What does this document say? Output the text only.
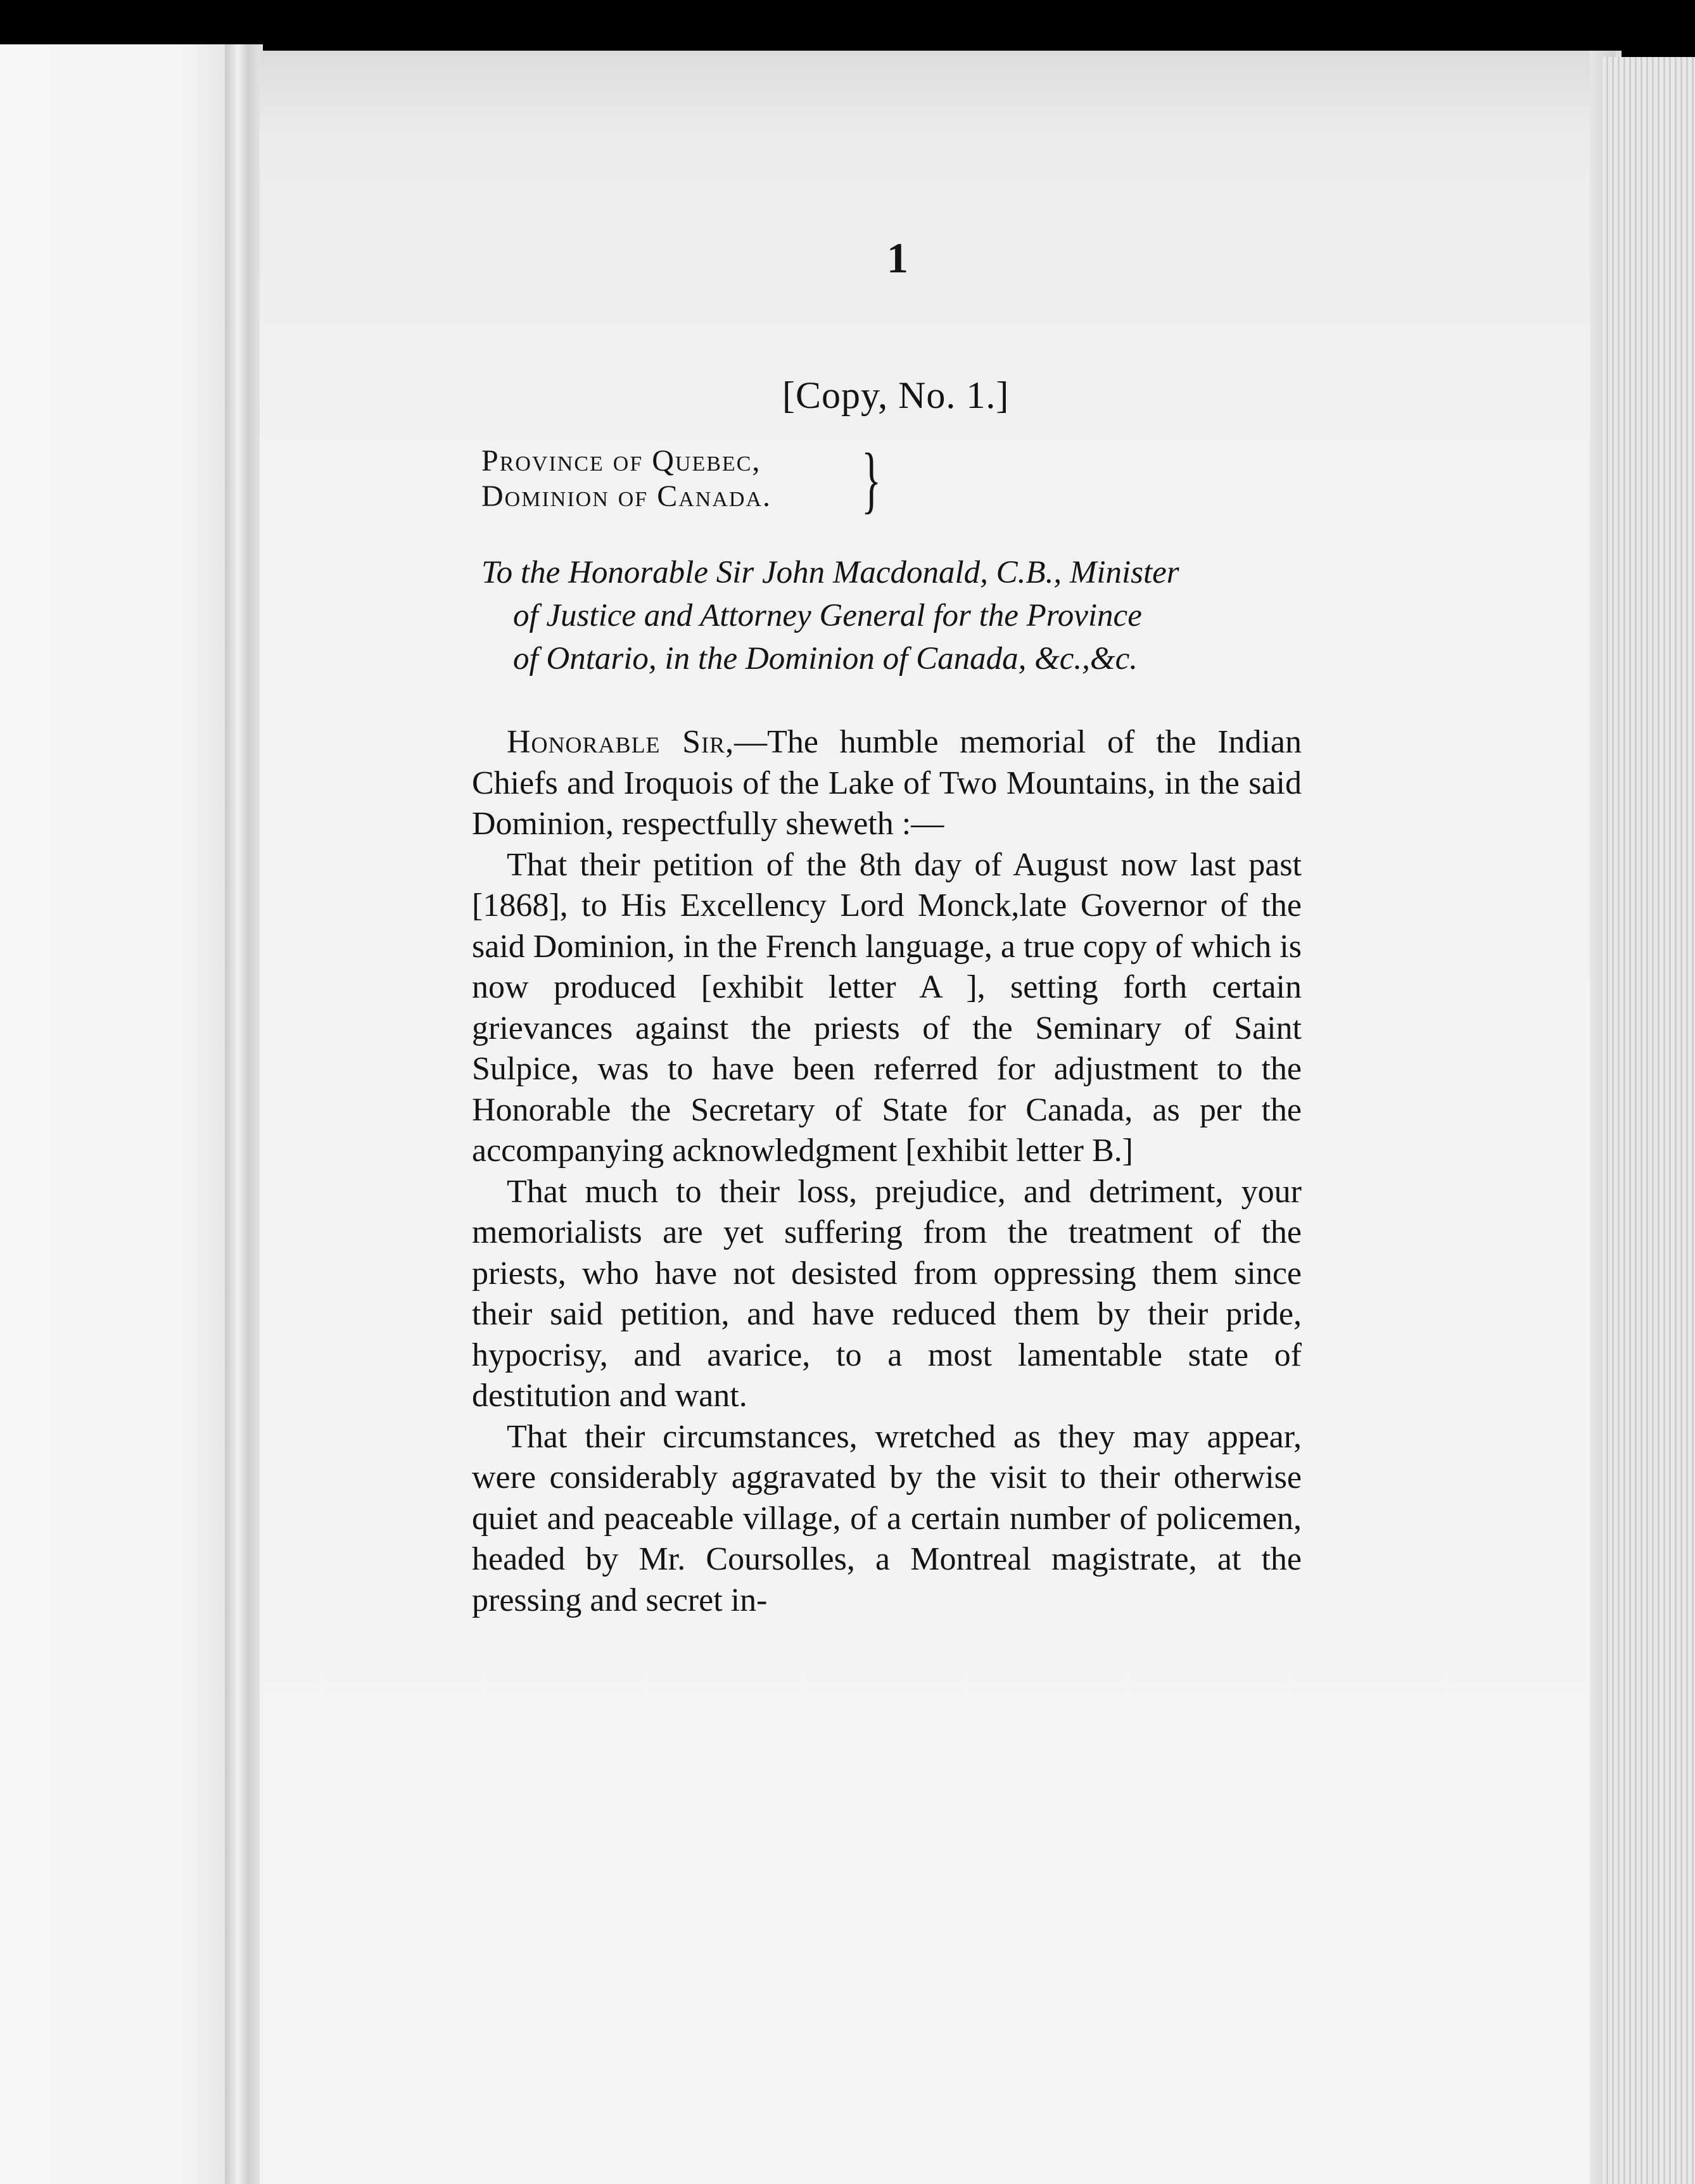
1
[Copy, No. 1.]
Province of Quebec,
Dominion of Canada. }
To the Honorable Sir John Macdonald, C.B., Minister
of Justice and Attorney General for the Province
of Ontario, in the Dominion of Canada, &c.,&c.

Honorable Sir,—The humble memorial of the Indian Chiefs and Iroquois of the Lake of Two Mountains, in the said Dominion, respectfully sheweth :—

That their petition of the 8th day of August now last past [1868], to His Excellency Lord Monck,late Governor of the said Dominion, in the French language, a true copy of which is now produced [exhibit letter A ], setting forth certain grievances against the priests of the Seminary of Saint Sulpice, was to have been referred for adjustment to the Honorable the Secretary of State for Canada, as per the accompanying acknowledgment [exhibit letter B.]

That much to their loss, prejudice, and detriment, your memorialists are yet suffering from the treatment of the priests, who have not desisted from oppressing them since their said petition, and have reduced them by their pride, hypocrisy, and avarice, to a most lamentable state of destitution and want.

That their circumstances, wretched as they may appear, were considerably aggravated by the visit to their otherwise quiet and peaceable village, of a certain number of policemen, headed by Mr. Coursolles, a Montreal magistrate, at the pressing and secret in-
